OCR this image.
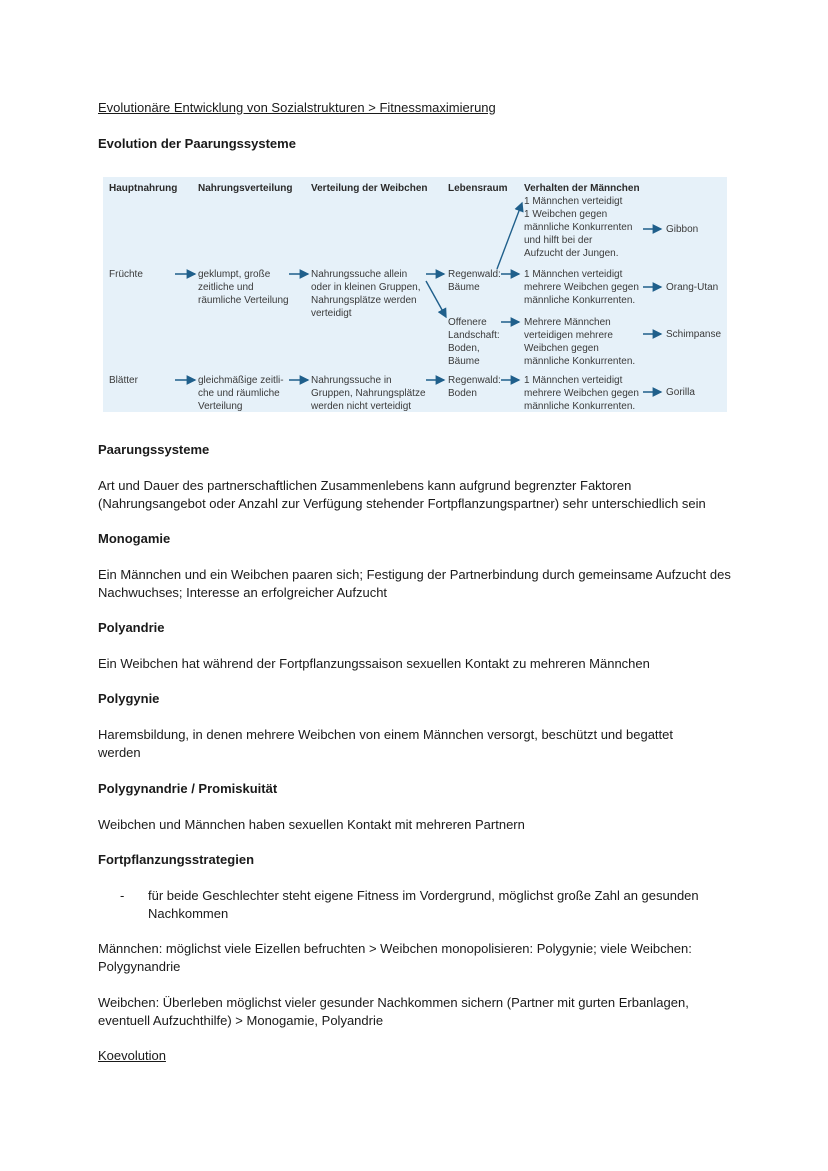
Evolutionäre Entwicklung von Sozialstrukturen > Fitnessmaximierung
Evolution der Paarungssysteme
Hauptnahrung Nahrungsverteilung Verteilung der Weibchen Lebensraum Verhalten der Männchen
1 Männchen verteidigt
1 Weibchen gegen
männliche Konkurrenten
und hilft bei der
Aufzucht der Jungen.
Gibbon
Früchte	geklumpt, große
zeitliche und
räumliche Verteilung
Nahrungssuche allein
oder in kleinen Gruppen,
Nahrungsplätze werden
verteidigt
Regenwald:
Bäume
1 Männchen verteidigt
mehrere Weibchen gegen
männliche Konkurrenten.
Orang-Utan
Offenere
Landschaft:
Boden,
Bäume
Mehrere Männchen
verteidigen mehrere
Weibchen gegen
männliche Konkurrenten.
Schimpanse
Blätter	gleichmäßige zeitli-
che und räumliche
Verteilung
Nahrungssuche in
Gruppen, Nahrungsplätze
werden nicht verteidigt
Regenwald:
Boden
1 Männchen verteidigt
mehrere Weibchen gegen
männliche Konkurrenten.
Gorilla
Paarungssysteme
Art und Dauer des partnerschaftlichen Zusammenlebens kann aufgrund begrenzter Faktoren (Nahrungsangebot oder Anzahl zur Verfügung stehender Fortpflanzungspartner) sehr unterschiedlich sein
Monogamie
Ein Männchen und ein Weibchen paaren sich; Festigung der Partnerbindung durch gemeinsame Aufzucht des Nachwuchses; Interesse an erfolgreicher Aufzucht
Polyandrie
Ein Weibchen hat während der Fortpflanzungssaison sexuellen Kontakt zu mehreren Männchen
Polygynie
Haremsbildung, in denen mehrere Weibchen von einem Männchen versorgt, beschützt und begattet werden
Polygynandrie / Promiskuität
Weibchen und Männchen haben sexuellen Kontakt mit mehreren Partnern
Fortpflanzungsstrategien
- für beide Geschlechter steht eigene Fitness im Vordergrund, möglichst große Zahl an gesunden Nachkommen
Männchen: möglichst viele Eizellen befruchten > Weibchen monopolisieren: Polygynie; viele Weibchen: Polygynandrie
Weibchen: Überleben möglichst vieler gesunder Nachkommen sichern (Partner mit gurten Erbanlagen, eventuell Aufzuchthilfe) > Monogamie, Polyandrie
Koevolution
